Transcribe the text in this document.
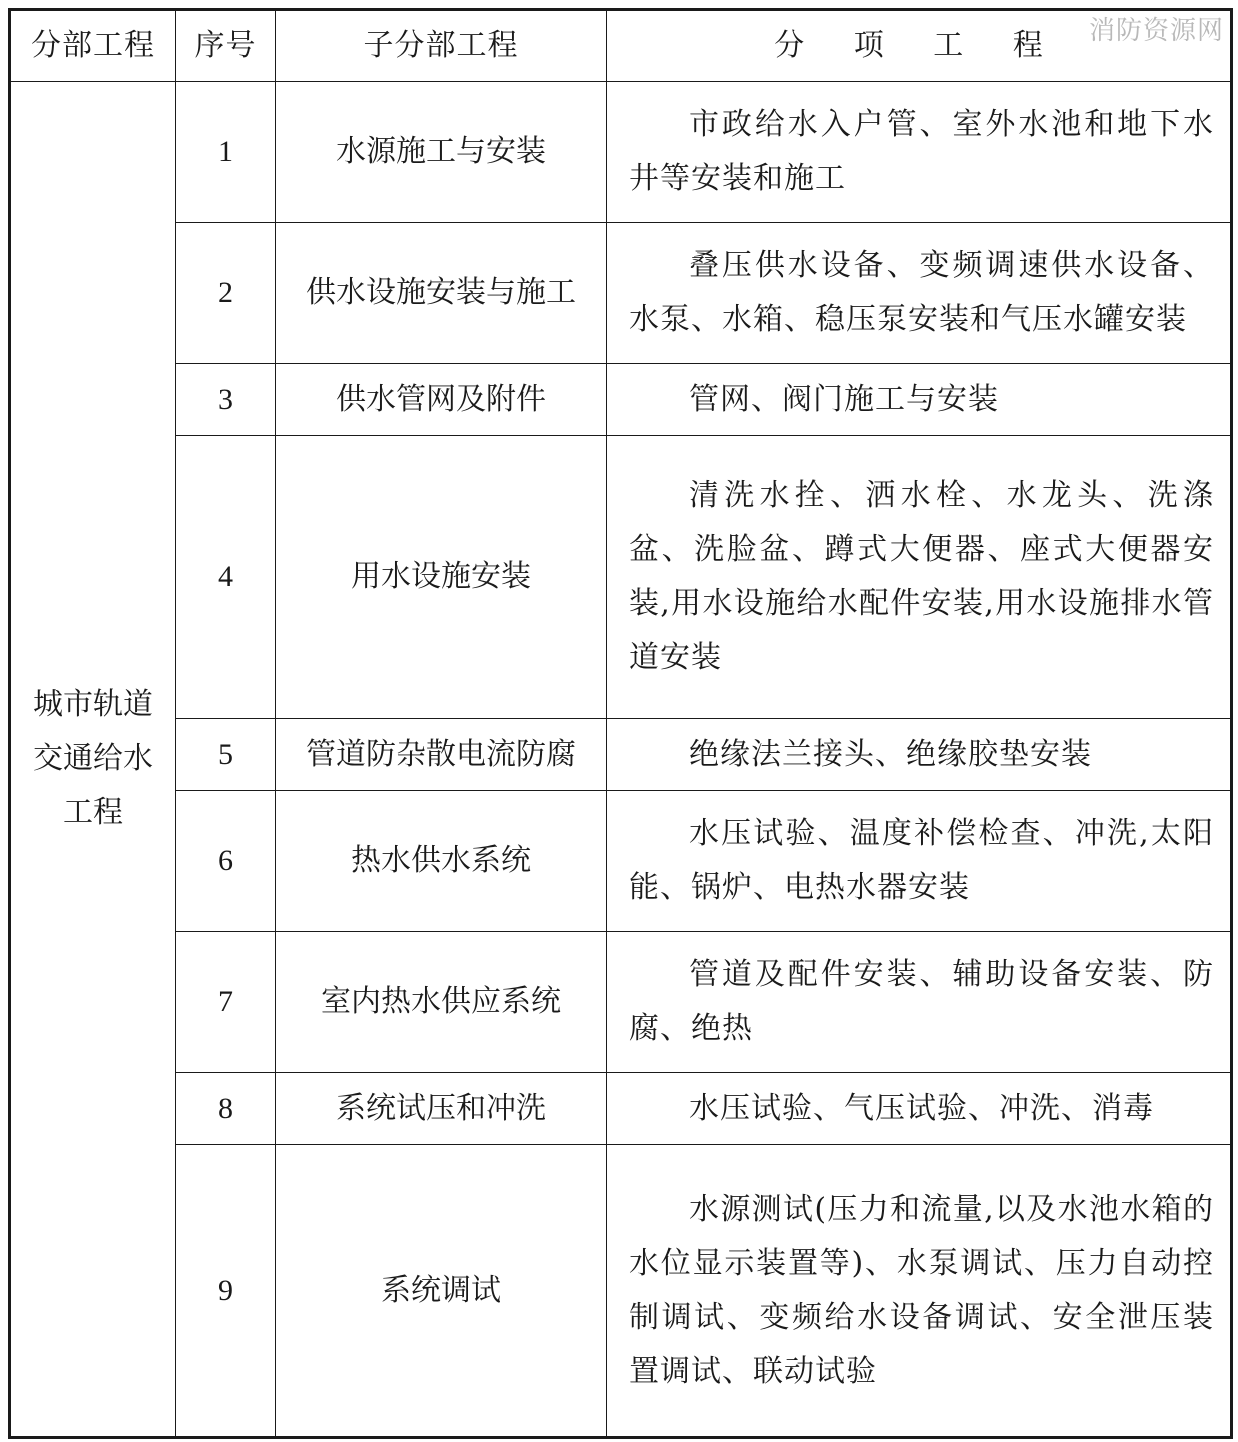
消防资源网
分部工程	序号	子分部工程	分 项 工 程

城市轨道
交通给水
工程	1	水源施工与安装	市政给水入户管、室外水池和地下水井等安装和施工
	2	供水设施安装与施工	叠压供水设备、变频调速供水设备、水泵、水箱、稳压泵安装和气压水罐安装
	3	供水管网及附件	管网、阀门施工与安装
	4	用水设施安装	清洗水拴、洒水栓、水龙头、洗涤盆、洗脸盆、蹲式大便器、座式大便器安装,用水设施给水配件安装,用水设施排水管道安装
	5	管道防杂散电流防腐	绝缘法兰接头、绝缘胶垫安装
	6	热水供水系统	水压试验、温度补偿检查、冲洗,太阳能、锅炉、电热水器安装
	7	室内热水供应系统	管道及配件安装、辅助设备安装、防腐、绝热
	8	系统试压和冲洗	水压试验、气压试验、冲洗、消毒
	9	系统调试	水源测试(压力和流量,以及水池水箱的水位显示装置等)、水泵调试、压力自动控制调试、变频给水设备调试、安全泄压装置调试、联动试验
